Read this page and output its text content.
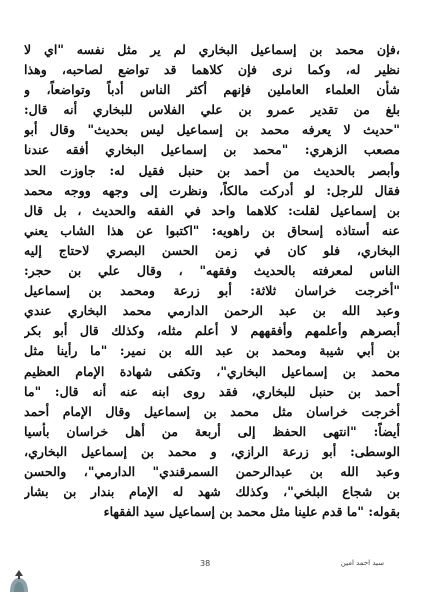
،فإن محمد بن إسماعيل البخاري لم ير مثل نفسه "اي لا
نظير له، وكما نرى فإن كلاهما قد تواضع لصاحبه، وهذا
شأن العلماء العاملين فإنهم أكثر الناس أدباً وتواضعاً، و
بلغ من تقدير عمرو بن علي الفلاس للبخاري أنه قال:
"حديث لا يعرفه محمد بن إسماعيل ليس بحديث" وقال أبو
مصعب الزهري: "محمد بن إسماعيل البخاري أفقه عندنا
وأبصر بالحديث من أحمد بن حنبل فقيل له: جاوزت الحد
فقال للرجل: لو أدركت مالكاً، ونظرت إلى وجهه ووجه محمد
بن إسماعيل لقلت: كلاهما واحد في الفقه والحديث ، بل قال
عنه أستاذه إسحاق بن راهويه: "اكتبوا عن هذا الشاب يعني
البخاري، فلو كان في زمن الحسن البصري لاحتاج إليه
الناس لمعرفته بالحديث وفقهه" ، وقال علي بن حجر:
"أخرجت خراسان ثلاثة: أبو زرعة ومحمد بن إسماعيل
وعبد الله بن عبد الرحمن الدارمي محمد البخاري عندي
أبصرهم وأعلمهم وأفقههم لا أعلم مثله، وكذلك قال أبو بكر
بن أبي شيبة ومحمد بن عبد الله بن نمير: "ما رأينا مثل
محمد بن إسماعيل البخاري"، وتكفى شهادة الإمام العظيم
أحمد بن حنبل للبخاري، فقد روى ابنه عنه أنه قال: "ما
أخرجت خراسان مثل محمد بن إسماعيل وقال الإمام أحمد
أيضاً: "انتهى الحفظ إلى أربعة من أهل خراسان بأسيا
الوسطى: أبو زرعة الرازي، و محمد بن إسماعيل البخاري،
وعبد الله بن عبدالرحمن السمرقندي" الدارمي"، والحسن
بن شجاع البلخي"، وكذلك شهد له الإمام بندار بن بشار
بقوله: "ما قدم علينا مثل محمد بن إسماعيل سيد الفقهاء
38	سيد احمد امين
